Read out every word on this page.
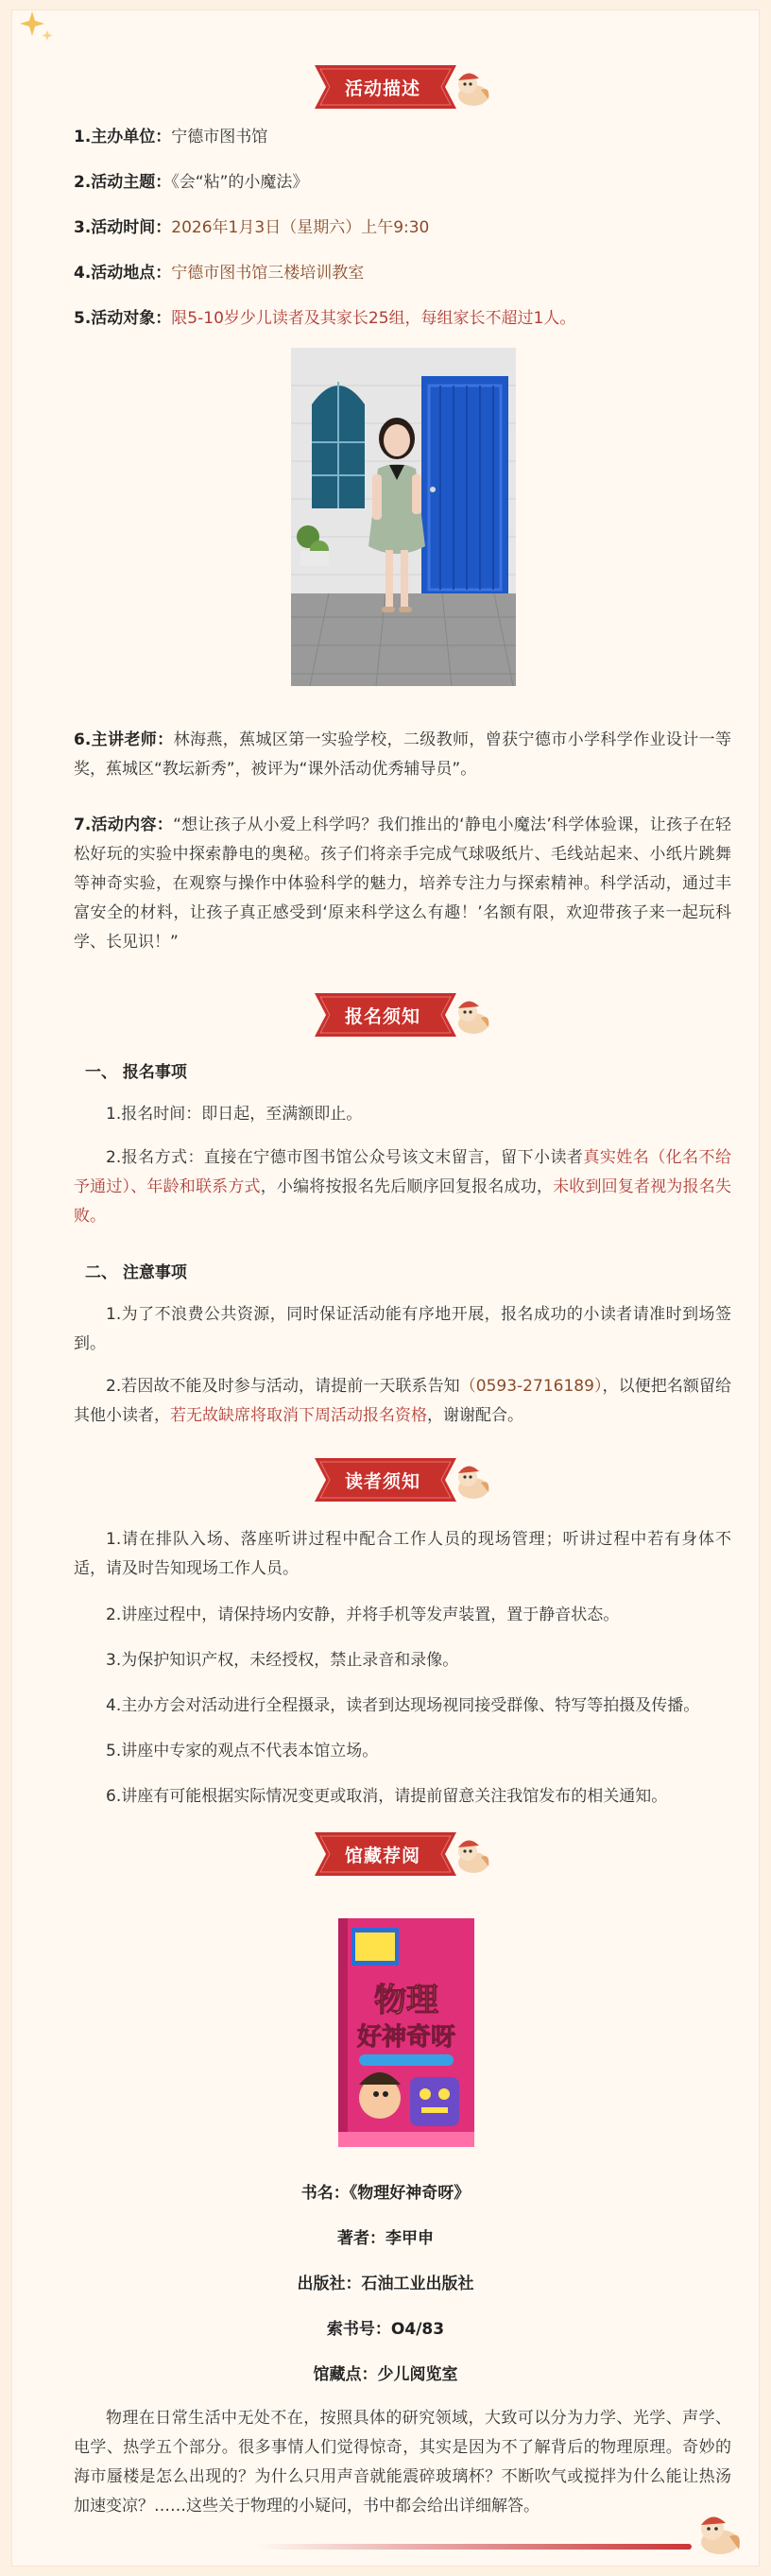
活动描述
1.主办单位：宁德市图书馆
2.活动主题：《会“粘”的小魔法》
3.活动时间：2026年1月3日（星期六）上午9:30
4.活动地点：宁德市图书馆三楼培训教室
5.活动对象：限5-10岁少儿读者及其家长25组，每组家长不超过1人。
6.主讲老师：林海燕，蕉城区第一实验学校，二级教师，曾获宁德市小学科学作业设计一等奖，蕉城区“教坛新秀”，被评为“课外活动优秀辅导员”。
7.活动内容：“想让孩子从小爱上科学吗？我们推出的‘静电小魔法’科学体验课，让孩子在轻松好玩的实验中探索静电的奥秘。孩子们将亲手完成气球吸纸片、毛线站起来、小纸片跳舞等神奇实验，在观察与操作中体验科学的魅力，培养专注力与探索精神。科学活动，通过丰富安全的材料，让孩子真正感受到‘原来科学这么有趣！’名额有限，欢迎带孩子来一起玩科学、长见识！”
报名须知
一、 报名事项
1.报名时间：即日起，至满额即止。
2.报名方式：直接在宁德市图书馆公众号该文末留言，留下小读者真实姓名（化名不给予通过）、年龄和联系方式，小编将按报名先后顺序回复报名成功，未收到回复者视为报名失败。
二、 注意事项
1.为了不浪费公共资源，同时保证活动能有序地开展，报名成功的小读者请准时到场签到。
2.若因故不能及时参与活动，请提前一天联系告知（0593-2716189），以便把名额留给其他小读者，若无故缺席将取消下周活动报名资格，谢谢配合。
读者须知
1.请在排队入场、落座听讲过程中配合工作人员的现场管理；听讲过程中若有身体不适，请及时告知现场工作人员。
2.讲座过程中，请保持场内安静，并将手机等发声装置，置于静音状态。
3.为保护知识产权，未经授权，禁止录音和录像。
4.主办方会对活动进行全程摄录，读者到达现场视同接受群像、特写等拍摄及传播。
5.讲座中专家的观点不代表本馆立场。
6.讲座有可能根据实际情况变更或取消，请提前留意关注我馆发布的相关通知。
馆藏荐阅
物理
好神奇呀
书名：《物理好神奇呀》
著者：李甲申
出版社：石油工业出版社
索书号：O4/83
馆藏点：少儿阅览室
物理在日常生活中无处不在，按照具体的研究领域，大致可以分为力学、光学、声学、电学、热学五个部分。很多事情人们觉得惊奇，其实是因为不了解背后的物理原理。奇妙的海市蜃楼是怎么出现的？为什么只用声音就能震碎玻璃杯？不断吹气或搅拌为什么能让热汤加速变凉？……这些关于物理的小疑问，书中都会给出详细解答。
